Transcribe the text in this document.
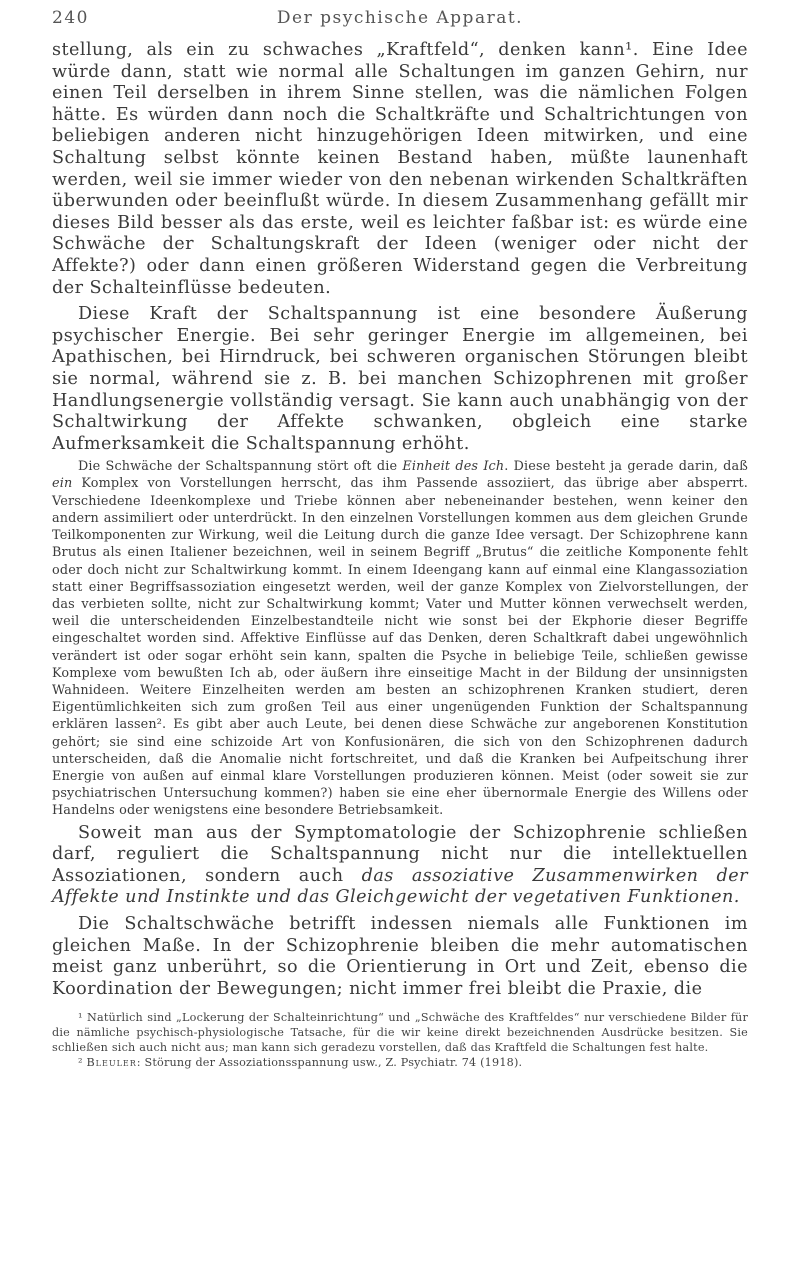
240	Der psychische Apparat.

stellung, als ein zu schwaches „Kraftfeld“, denken kann¹. Eine Idee würde dann, statt wie normal alle Schaltungen im ganzen Gehirn, nur einen Teil derselben in ihrem Sinne stellen, was die nämlichen Folgen hätte. Es würden dann noch die Schaltkräfte und Schaltrichtungen von beliebigen anderen nicht hinzugehörigen Ideen mitwirken, und eine Schaltung selbst könnte keinen Bestand haben, müßte launenhaft werden, weil sie immer wieder von den nebenan wirkenden Schaltkräften überwunden oder beeinflußt würde. In diesem Zusammenhang gefällt mir dieses Bild besser als das erste, weil es leichter faßbar ist: es würde eine Schwäche der Schaltungskraft der Ideen (weniger oder nicht der Affekte?) oder dann einen größeren Widerstand gegen die Verbreitung der Schalteinflüsse bedeuten.

Diese Kraft der Schaltspannung ist eine besondere Äußerung psychischer Energie. Bei sehr geringer Energie im allgemeinen, bei Apathischen, bei Hirndruck, bei schweren organischen Störungen bleibt sie normal, während sie z. B. bei manchen Schizophrenen mit großer Handlungsenergie vollständig versagt. Sie kann auch unabhängig von der Schaltwirkung der Affekte schwanken, obgleich eine starke Aufmerksamkeit die Schaltspannung erhöht.

Die Schwäche der Schaltspannung stört oft die Einheit des Ich. Diese besteht ja gerade darin, daß ein Komplex von Vorstellungen herrscht, das ihm Passende assoziiert, das übrige aber absperrt. Verschiedene Ideenkomplexe und Triebe können aber nebeneinander bestehen, wenn keiner den andern assimiliert oder unterdrückt. In den einzelnen Vorstellungen kommen aus dem gleichen Grunde Teilkomponenten zur Wirkung, weil die Leitung durch die ganze Idee versagt. Der Schizophrene kann Brutus als einen Italiener bezeichnen, weil in seinem Begriff „Brutus“ die zeitliche Komponente fehlt oder doch nicht zur Schaltwirkung kommt. In einem Ideengang kann auf einmal eine Klangassoziation statt einer Begriffsassoziation eingesetzt werden, weil der ganze Komplex von Zielvorstellungen, der das verbieten sollte, nicht zur Schaltwirkung kommt; Vater und Mutter können verwechselt werden, weil die unterscheidenden Einzelbestandteile nicht wie sonst bei der Ekphorie dieser Begriffe eingeschaltet worden sind. Affektive Einflüsse auf das Denken, deren Schaltkraft dabei ungewöhnlich verändert ist oder sogar erhöht sein kann, spalten die Psyche in beliebige Teile, schließen gewisse Komplexe vom bewußten Ich ab, oder äußern ihre einseitige Macht in der Bildung der unsinnigsten Wahnideen. Weitere Einzelheiten werden am besten an schizophrenen Kranken studiert, deren Eigentümlichkeiten sich zum großen Teil aus einer ungenügenden Funktion der Schaltspannung erklären lassen². Es gibt aber auch Leute, bei denen diese Schwäche zur angeborenen Konstitution gehört; sie sind eine schizoide Art von Konfusionären, die sich von den Schizophrenen dadurch unterscheiden, daß die Anomalie nicht fortschreitet, und daß die Kranken bei Aufpeitschung ihrer Energie von außen auf einmal klare Vorstellungen produzieren können. Meist (oder soweit sie zur psychiatrischen Untersuchung kommen?) haben sie eine eher übernormale Energie des Willens oder Handelns oder wenigstens eine besondere Betriebsamkeit.

Soweit man aus der Symptomatologie der Schizophrenie schließen darf, reguliert die Schaltspannung nicht nur die intellektuellen Assoziationen, sondern auch das assoziative Zusammenwirken der Affekte und Instinkte und das Gleichgewicht der vegetativen Funktionen.

Die Schaltschwäche betrifft indessen niemals alle Funktionen im gleichen Maße. In der Schizophrenie bleiben die mehr automatischen meist ganz unberührt, so die Orientierung in Ort und Zeit, ebenso die Koordination der Bewegungen; nicht immer frei bleibt die Praxie, die

¹ Natürlich sind „Lockerung der Schalteinrichtung“ und „Schwäche des Kraftfeldes“ nur verschiedene Bilder für die nämliche psychisch-physiologische Tatsache, für die wir keine direkt bezeichnenden Ausdrücke besitzen. Sie schließen sich auch nicht aus; man kann sich geradezu vorstellen, daß das Kraftfeld die Schaltungen fest halte.

² Bleuler: Störung der Assoziationsspannung usw., Z. Psychiatr. 74 (1918).
